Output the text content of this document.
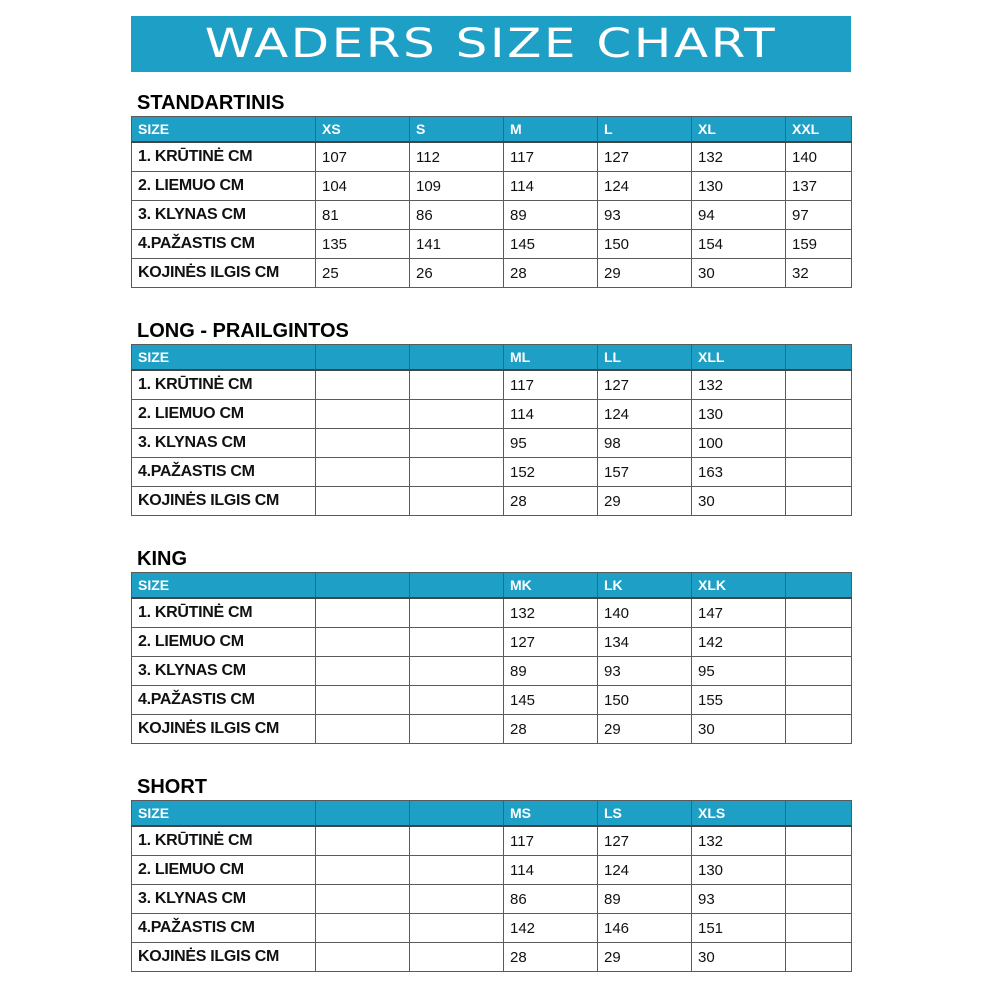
WADERS SIZE CHART
STANDARTINIS
SIZE	XS	S	M	L	XL	XXL
1. KRŪTINĖ CM	107	112	117	127	132	140
2. LIEMUO CM	104	109	114	124	130	137
3. KLYNAS CM	81	86	89	93	94	97
4.PAŽASTIS CM	135	141	145	150	154	159
KOJINĖS ILGIS CM	25	26	28	29	30	32
LONG - PRAILGINTOS
SIZE			ML	LL	XLL	
1. KRŪTINĖ CM			117	127	132	
2. LIEMUO CM			114	124	130	
3. KLYNAS CM			95	98	100	
4.PAŽASTIS CM			152	157	163	
KOJINĖS ILGIS CM			28	29	30	
KING
SIZE			MK	LK	XLK	
1. KRŪTINĖ CM			132	140	147	
2. LIEMUO CM			127	134	142	
3. KLYNAS CM			89	93	95	
4.PAŽASTIS CM			145	150	155	
KOJINĖS ILGIS CM			28	29	30	
SHORT
SIZE			MS	LS	XLS	
1. KRŪTINĖ CM			117	127	132	
2. LIEMUO CM			114	124	130	
3. KLYNAS CM			86	89	93	
4.PAŽASTIS CM			142	146	151	
KOJINĖS ILGIS CM			28	29	30	
